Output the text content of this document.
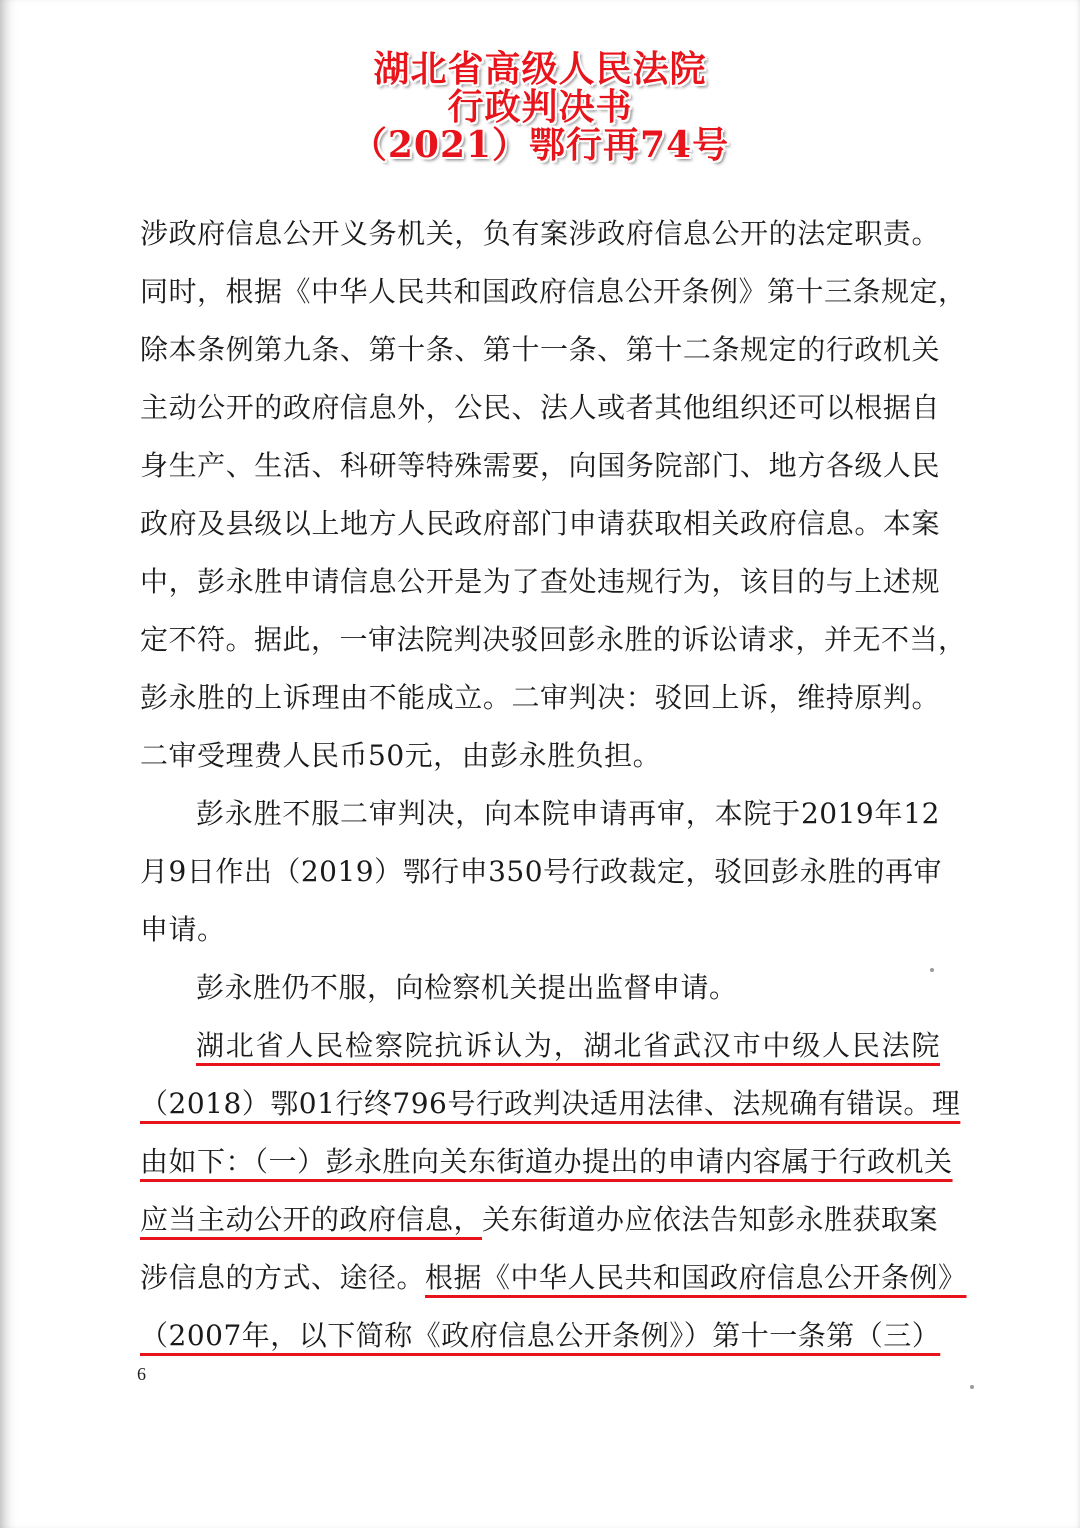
湖北省高级人民法院
行政判决书
（2021）鄂行再74号
涉政府信息公开义务机关，负有案涉政府信息公开的法定职责。
同时，根据《中华人民共和国政府信息公开条例》第十三条规定，
除本条例第九条、第十条、第十一条、第十二条规定的行政机关
主动公开的政府信息外，公民、法人或者其他组织还可以根据自
身生产、生活、科研等特殊需要，向国务院部门、地方各级人民
政府及县级以上地方人民政府部门申请获取相关政府信息。本案
中，彭永胜申请信息公开是为了查处违规行为，该目的与上述规
定不符。据此，一审法院判决驳回彭永胜的诉讼请求，并无不当，
彭永胜的上诉理由不能成立。二审判决：驳回上诉，维持原判。
二审受理费人民币50元，由彭永胜负担。
彭永胜不服二审判决，向本院申请再审，本院于2019年12
月9日作出（2019）鄂行申350号行政裁定，驳回彭永胜的再审
申请。
彭永胜仍不服，向检察机关提出监督申请。
湖北省人民检察院抗诉认为，湖北省武汉市中级人民法院
（2018）鄂01行终796号行政判决适用法律、法规确有错误。理
由如下：（一）彭永胜向关东街道办提出的申请内容属于行政机关
应当主动公开的政府信息，关东街道办应依法告知彭永胜获取案
涉信息的方式、途径。根据《中华人民共和国政府信息公开条例》
（2007年，以下简称《政府信息公开条例》）第十一条第（三）
6
